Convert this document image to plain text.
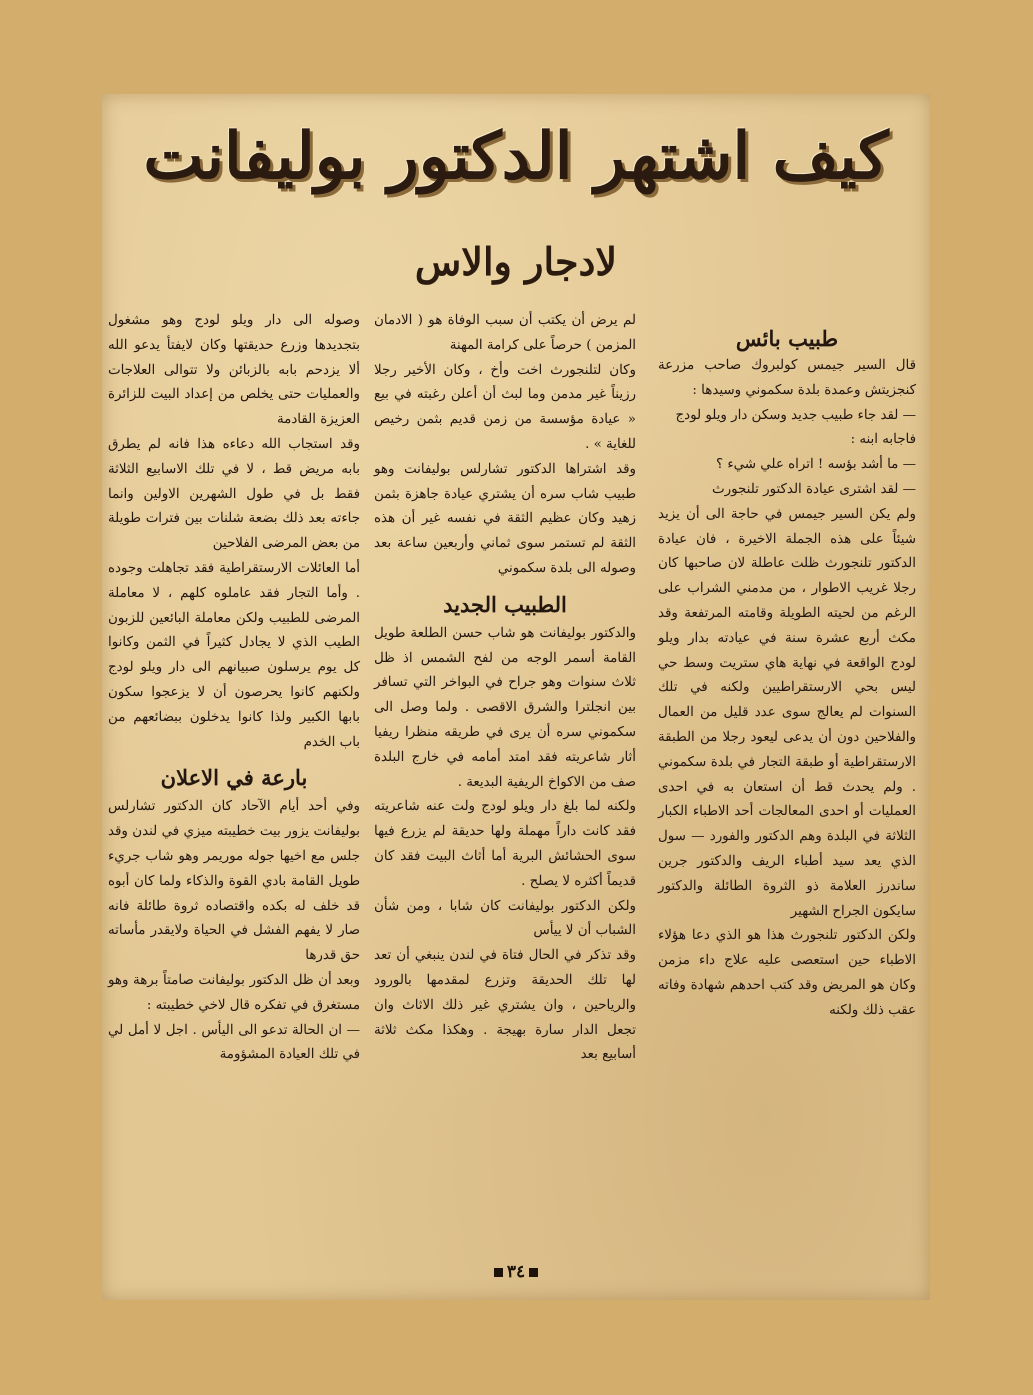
كيف اشتهر الدكتور بوليفانت
لادجار والاس

طبيب بائس

قال السير جيمس كولبروك صاحب مزرعة كنجزيتش وعمدة بلدة سكموني وسيدها :

— لقد جاء طبيب جديد وسكن دار ويلو لودج

فاجابه ابنه :

— ما أشد بؤسه ! اتراه علي شيء ؟

— لقد اشترى عيادة الدكتور تلنجورث

ولم يكن السير جيمس في حاجة الى أن يزيد شيئاً على هذه الجملة الاخيرة ، فان عيادة الدكتور تلنجورث ظلت عاطلة لان صاحبها كان رجلا غريب الاطوار ، من مدمني الشراب على الرغم من لحيته الطويلة وقامته المرتفعة وقد مكث أربع عشرة سنة في عيادته بدار ويلو لودج الواقعة في نهاية هاي ستريت وسط حي ليس بحي الارستقراطيين ولكنه في تلك السنوات لم يعالج سوى عدد قليل من العمال والفلاحين دون أن يدعى ليعود رجلا من الطبقة الارستقراطية أو طبقة التجار في بلدة سكموني . ولم يحدث قط أن استعان به في احدى العمليات أو احدى المعالجات أحد الاطباء الكبار الثلاثة في البلدة وهم الدكتور والفورد — سول الذي يعد سيد أطباء الريف والدكتور جرين ساندرز العلامة ذو الثروة الطائلة والدكتور سايكون الجراح الشهير

ولكن الدكتور تلنجورث هذا هو الذي دعا هؤلاء الاطباء حين استعصى عليه علاج داء مزمن وكان هو المريض وقد كتب احدهم شهادة وفاته عقب ذلك ولكنه

لم يرض أن يكتب أن سبب الوفاة هو ( الادمان المزمن ) حرصاً على كرامة المهنة

وكان لتلنجورث اخت وأخ ، وكان الأخير رجلا رزيناً غير مدمن وما لبث أن أعلن رغبته في بيع « عيادة مؤسسة من زمن قديم بثمن رخيص للغاية » .

وقد اشتراها الدكتور تشارلس بوليفانت وهو طبيب شاب سره أن يشتري عيادة جاهزة بثمن زهيد وكان عظيم الثقة في نفسه غير أن هذه الثقة لم تستمر سوى ثماني وأربعين ساعة بعد وصوله الى بلدة سكموني

الطبيب الجديد

والدكتور بوليفانت هو شاب حسن الطلعة طويل القامة أسمر الوجه من لفح الشمس اذ ظل ثلاث سنوات وهو جراح في البواخر التي تسافر بين انجلترا والشرق الاقصى . ولما وصل الى سكموني سره أن يرى في طريقه منظرا ريفيا أثار شاعريته فقد امتد أمامه في خارج البلدة صف من الاكواخ الريفية البديعة .

ولكنه لما بلغ دار ويلو لودج ولت عنه شاعريته فقد كانت داراً مهملة ولها حديقة لم يزرع فيها سوى الحشائش البرية أما أثاث البيت فقد كان قديماً أكثره لا يصلح .

ولكن الدكتور بوليفانت كان شابا ، ومن شأن الشباب أن لا ييأس

وقد تذكر في الحال فتاة في لندن ينبغي أن تعد لها تلك الحديقة وتزرع لمقدمها بالورود والرياحين ، وان يشتري غير ذلك الاثاث وان تجعل الدار سارة بهيجة . وهكذا مكث ثلاثة أسابيع بعد

وصوله الى دار ويلو لودج وهو مشغول بتجديدها وزرع حديقتها وكان لايفتأ يدعو الله ألا يزدحم بابه بالزبائن ولا تتوالى العلاجات والعمليات حتى يخلص من إعداد البيت للزائرة العزيزة القادمة

وقد استجاب الله دعاءه هذا فانه لم يطرق بابه مريض قط ، لا في تلك الاسابيع الثلاثة فقط بل في طول الشهرين الاولين وانما جاءته بعد ذلك بضعة شلنات بين فترات طويلة من بعض المرضى الفلاحين

أما العائلات الارستقراطية فقد تجاهلت وجوده . وأما التجار فقد عاملوه كلهم ، لا معاملة المرضى للطبيب ولكن معاملة البائعين للزبون الطيب الذي لا يجادل كثيراً في الثمن وكانوا كل يوم يرسلون صبيانهم الى دار ويلو لودج ولكنهم كانوا يحرصون أن لا يزعجوا سكون بابها الكبير ولذا كانوا يدخلون ببضائعهم من باب الخدم

بارعة في الاعلان

وفي أحد أيام الآحاد كان الدكتور تشارلس بوليفانت يزور بيت خطيبته ميزي في لندن وقد جلس مع اخيها جوله موريمر وهو شاب جريء طويل القامة بادي القوة والذكاء ولما كان أبوه قد خلف له بكده واقتصاده ثروة طائلة فانه صار لا يفهم الفشل في الحياة ولايقدر مأساته حق قدرها

وبعد أن ظل الدكتور بوليفانت صامتاً برهة وهو مستغرق في تفكره قال لاخي خطيبته :

— ان الحالة تدعو الى اليأس . اجل لا أمل لي في تلك العيادة المشؤومة

٣٤
